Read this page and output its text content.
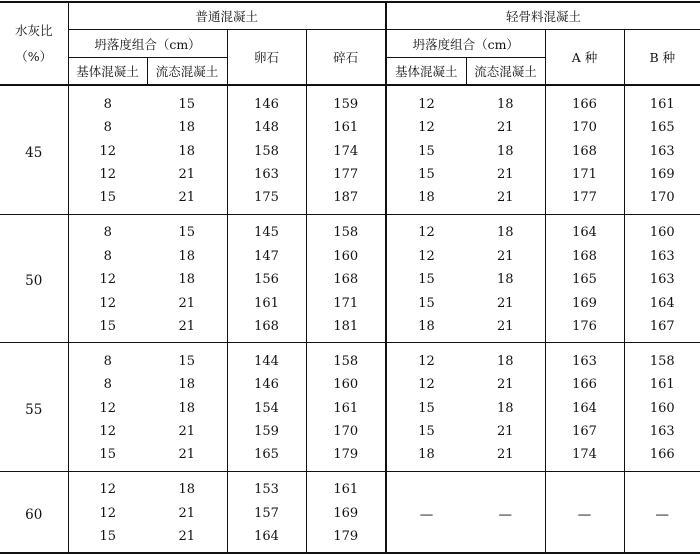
水灰比
（%）	普通混凝土				轻骨料混凝土			
	坍落度组合（cm）		卵石	碎石	坍落度组合（cm）		A 种	B 种
	基体混凝土	流态混凝土			基体混凝土	流态混凝土		
45	8	15	146	159	12	18	166	161
	8	18	148	161	12	21	170	165
	12	18	158	174	15	18	168	163
	12	21	163	177	15	21	171	169
	15	21	175	187	18	21	177	170
50	8	15	145	158	12	18	164	160
	8	18	147	160	12	21	168	163
	12	18	156	168	15	18	165	163
	12	21	161	171	15	21	169	164
	15	21	168	181	18	21	176	167
55	8	15	144	158	12	18	163	158
	8	18	146	160	12	21	166	161
	12	18	154	161	15	18	164	160
	12	21	159	170	15	21	167	163
	15	21	165	179	18	21	174	166
60	12	18	153	161	—	—	—	—
	12	21	157	169				
	15	21	164	179				
